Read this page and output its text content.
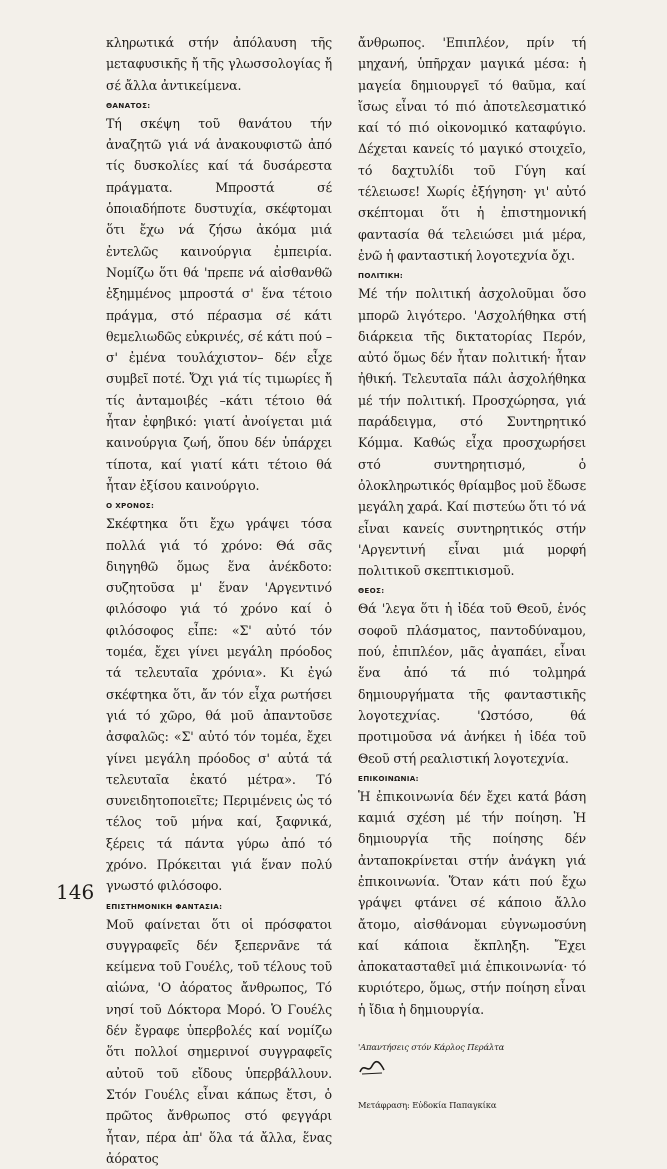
κληρωτικά στήν ἀπόλαυση τῆς μεταφυσικῆς ἤ τῆς γλωσσολογίας ἤ σέ ἄλλα ἀντικείμενα.

ΘΑΝΑΤΟΣ:

Τή σκέψη τοῦ θανάτου τήν ἀναζητῶ γιά νά ἀνακουφιστῶ ἀπό τίς δυσκολίες καί τά δυσάρεστα πράγματα. Μπροστά σέ ὁποιαδήποτε δυστυχία, σκέφτομαι ὅτι ἔχω νά ζήσω ἀκόμα μιά ἐντελῶς καινούργια ἐμπειρία. Νομίζω ὅτι θά 'πρεπε νά αἰσθανθῶ ἐξημμένος μπροστά σ' ἕνα τέτοιο πράγμα, στό πέρασμα σέ κάτι θεμελιωδῶς εὐκρινές, σέ κάτι πού –σ' ἐμένα τουλάχιστον– δέν εἶχε συμβεῖ ποτέ. Ὄχι γιά τίς τιμωρίες ἤ τίς ἀνταμοιβές –κάτι τέτοιο θά ἦταν ἐφηβικό: γιατί ἀνοίγεται μιά καινούργια ζωή, ὅπου δέν ὑπάρχει τίποτα, καί γιατί κάτι τέτοιο θά ἦταν ἐξίσου καινούργιο.

Ο ΧΡΟΝΟΣ:

Σκέφτηκα ὅτι ἔχω γράψει τόσα πολλά γιά τό χρόνο: Θά σᾶς διηγηθῶ ὅμως ἕνα ἀνέκδοτο: συζητοῦσα μ' ἕναν 'Αργεντινό φιλόσοφο γιά τό χρόνο καί ὁ φιλόσοφος εἶπε: «Σ' αὐτό τόν τομέα, ἔχει γίνει μεγάλη πρόοδος τά τελευταῖα χρόνια». Κι ἐγώ σκέφτηκα ὅτι, ἄν τόν εἶχα ρωτήσει γιά τό χῶρο, θά μοῦ ἀπαντοῦσε ἀσφαλῶς: «Σ' αὐτό τόν τομέα, ἔχει γίνει μεγάλη πρόοδος σ' αὐτά τά τελευταῖα ἑκατό μέτρα». Τό συνειδητοποιεῖτε; Περιμένεις ὡς τό τέλος τοῦ μήνα καί, ξαφνικά, ξέρεις τά πάντα γύρω ἀπό τό χρόνο. Πρόκειται γιά ἕναν πολύ γνωστό φιλόσοφο.

ΕΠΙΣΤΗΜΟΝΙΚΗ ΦΑΝΤΑΣΙΑ:

Μοῦ φαίνεται ὅτι οἱ πρόσφατοι συγγραφεῖς δέν ξεπερνᾶνε τά κείμενα τοῦ Γουέλς, τοῦ τέλους τοῦ αἰώνα, 'Ο ἀόρατος ἄνθρωπος, Τό νησί τοῦ Δόκτορα Μορό. Ὁ Γουέλς δέν ἔγραφε ὑπερβολές καί νομίζω ὅτι πολλοί σημερινοί συγγραφεῖς αὐτοῦ τοῦ εἴδους ὑπερβάλλουν. Στόν Γουέλς εἶναι κάπως ἔτσι, ὁ πρῶτος ἄνθρωπος στό φεγγάρι ἦταν, πέρα ἀπ' ὅλα τά ἄλλα, ἕνας ἀόρατος

146

ἄνθρωπος. 'Επιπλέον, πρίν τή μηχανή, ὑπῆρχαν μαγικά μέσα: ἡ μαγεία δημιουργεῖ τό θαῦμα, καί ἴσως εἶναι τό πιό ἀποτελεσματικό καί τό πιό οἰκονομικό καταφύγιο. Δέχεται κανείς τό μαγικό στοιχεῖο, τό δαχτυλίδι τοῦ Γύγη καί τέλειωσε! Χωρίς ἐξήγηση· γι' αὐτό σκέπτομαι ὅτι ἡ ἐπιστημονική φαντασία θά τελειώσει μιά μέρα, ἐνῶ ἡ φανταστική λογοτεχνία ὄχι.

ΠΟΛΙΤΙΚΗ:

Μέ τήν πολιτική ἀσχολοῦμαι ὅσο μπορῶ λιγότερο. 'Ασχολήθηκα στή διάρκεια τῆς δικτατορίας Περόν, αὐτό ὅμως δέν ἦταν πολιτική· ἦταν ἠθική. Τελευταῖα πάλι ἀσχολήθηκα μέ τήν πολιτική. Προσχώρησα, γιά παράδειγμα, στό Συντηρητικό Κόμμα. Καθώς εἶχα προσχωρήσει στό συντηρητισμό, ὁ ὀλοκληρωτικός θρίαμβος μοῦ ἔδωσε μεγάλη χαρά. Καί πιστεύω ὅτι τό νά εἶναι κανείς συντηρητικός στήν 'Αργεντινή εἶναι μιά μορφή πολιτικοῦ σκεπτικισμοῦ.

ΘΕΟΣ:

Θά 'λεγα ὅτι ἡ ἰδέα τοῦ Θεοῦ, ἑνός σοφοῦ πλάσματος, παντοδύναμου, πού, ἐπιπλέον, μᾶς ἀγαπάει, εἶναι ἕνα ἀπό τά πιό τολμηρά δημιουργήματα τῆς φανταστικῆς λογοτεχνίας. 'Ωστόσο, θά προτιμοῦσα νά ἀνήκει ἡ ἰδέα τοῦ Θεοῦ στή ρεαλιστική λογοτεχνία.

ΕΠΙΚΟΙΝΩΝΙΑ:

Ἡ ἐπικοινωνία δέν ἔχει κατά βάση καμιά σχέση μέ τήν ποίηση. Ἡ δημιουργία τῆς ποίησης δέν ἀνταποκρίνεται στήν ἀνάγκη γιά ἐπικοινωνία. Ὅταν κάτι πού ἔχω γράψει φτάνει σέ κάποιο ἄλλο ἄτομο, αἰσθάνομαι εὐγνωμοσύνη καί κάποια ἔκπληξη. Ἔχει ἀποκατασταθεῖ μιά ἐπικοινωνία· τό κυριότερο, ὅμως, στήν ποίηση εἶναι ἡ ἴδια ἡ δημιουργία.

'Απαντήσεις στόν Κάρλος Περάλτα

Μετάφραση: Εὐδοκία Παπαγκίκα
